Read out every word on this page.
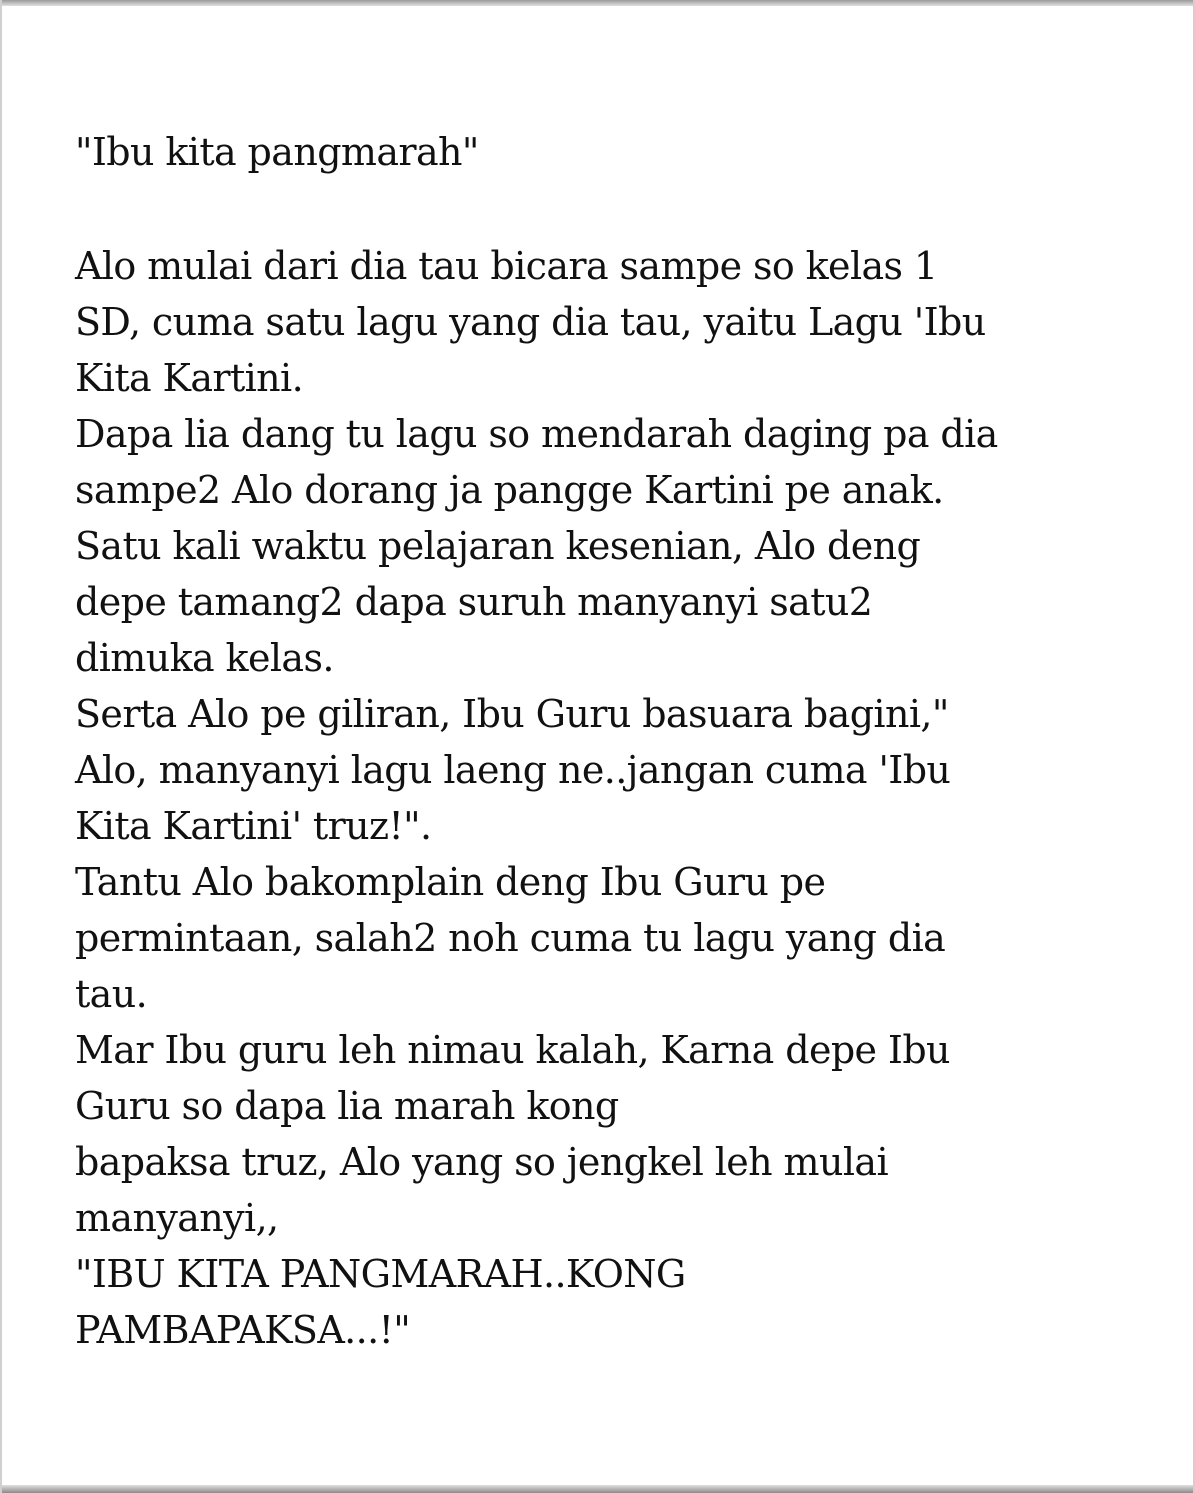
"Ibu kita pangmarah"
Alo mulai dari dia tau bicara sampe so kelas 1
SD, cuma satu lagu yang dia tau, yaitu Lagu 'Ibu
Kita Kartini.
Dapa lia dang tu lagu so mendarah daging pa dia
sampe2 Alo dorang ja pangge Kartini pe anak.
Satu kali waktu pelajaran kesenian, Alo deng
depe tamang2 dapa suruh manyanyi satu2
dimuka kelas.
Serta Alo pe giliran, Ibu Guru basuara bagini,"
Alo, manyanyi lagu laeng ne..jangan cuma 'Ibu
Kita Kartini' truz!".
Tantu Alo bakomplain deng Ibu Guru pe
permintaan, salah2 noh cuma tu lagu yang dia
tau.
Mar Ibu guru leh nimau kalah, Karna depe Ibu
Guru so dapa lia marah kong
bapaksa truz, Alo yang so jengkel leh mulai
manyanyi,,
"IBU KITA PANGMARAH..KONG
PAMBAPAKSA...!"
